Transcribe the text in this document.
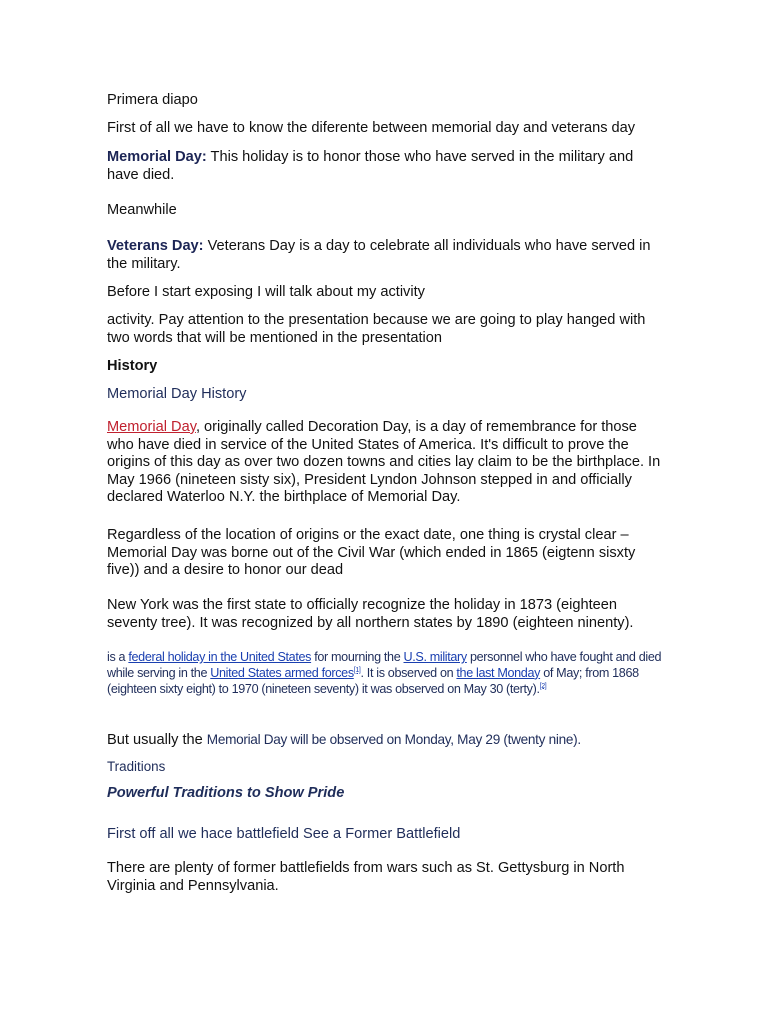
Primera diapo

First of all we have to know the diferente between memorial day and veterans day

Memorial Day: This holiday is to honor those who have served in the military and have died.

Meanwhile

Veterans Day: Veterans Day is a day to celebrate all individuals who have served in the military.

Before I start exposing I will talk about my activity

activity. Pay attention to the presentation because we are going to play hanged with two words that will be mentioned in the presentation

History

Memorial Day History

Memorial Day, originally called Decoration Day, is a day of remembrance for those who have died in service of the United States of America. It's difficult to prove the origins of this day as over two dozen towns and cities lay claim to be the birthplace. In May 1966 (nineteen sisty six), President Lyndon Johnson stepped in and officially declared Waterloo N.Y. the birthplace of Memorial Day.

Regardless of the location of origins or the exact date, one thing is crystal clear – Memorial Day was borne out of the Civil War (which ended in 1865 (eigtenn sisxty five)) and a desire to honor our dead

New York was the first state to officially recognize the holiday in 1873 (eighteen seventy tree). It was recognized by all northern states by 1890 (eighteen ninenty).

is a federal holiday in the United States for mourning the U.S. military personnel who have fought and died while serving in the United States armed forces[1]. It is observed on the last Monday of May; from 1868 (eighteen sixty eight) to 1970 (nineteen seventy) it was observed on May 30 (terty).[2]

But usually the Memorial Day will be observed on Monday, May 29 (twenty nine).

Traditions

Powerful Traditions to Show Pride

First off all we hace battlefield See a Former Battlefield

There are plenty of former battlefields from wars such as St. Gettysburg in North Virginia and Pennsylvania.
